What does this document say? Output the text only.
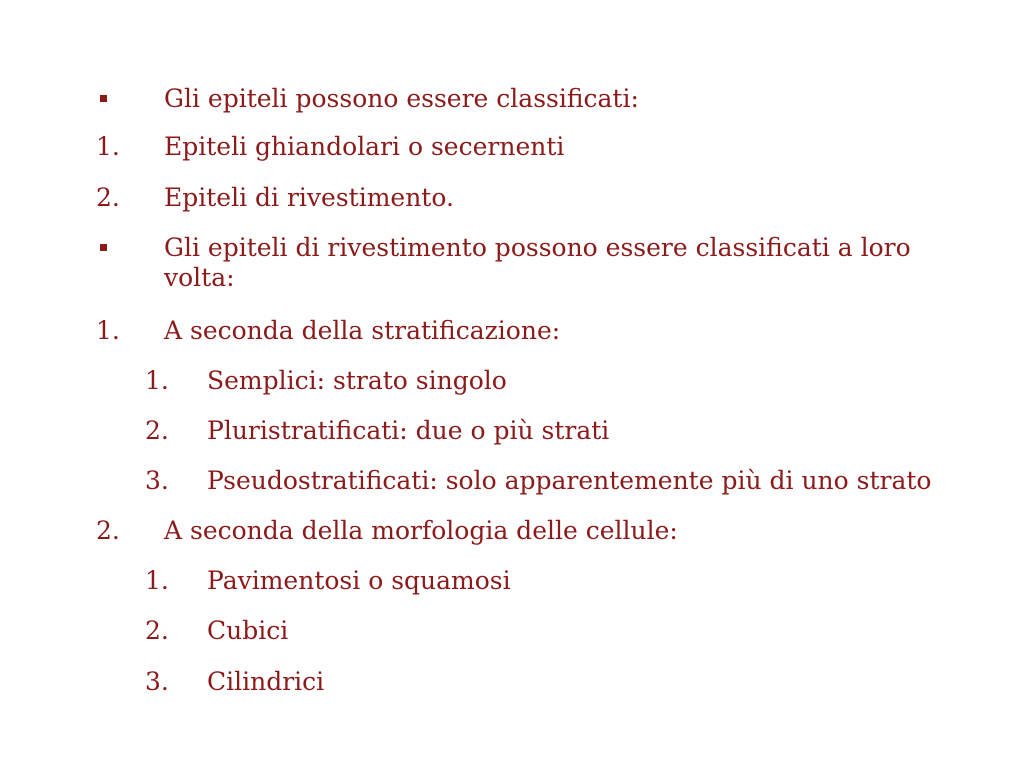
Gli epiteli possono essere classificati:
1. Epiteli ghiandolari o secernenti
2. Epiteli di rivestimento.
Gli epiteli di rivestimento possono essere classificati a loro
volta:
1. A seconda della stratificazione:
1. Semplici: strato singolo
2. Pluristratificati: due o più strati
3. Pseudostratificati: solo apparentemente più di uno strato
2. A seconda della morfologia delle cellule:
1. Pavimentosi o squamosi
2. Cubici
3. Cilindrici
